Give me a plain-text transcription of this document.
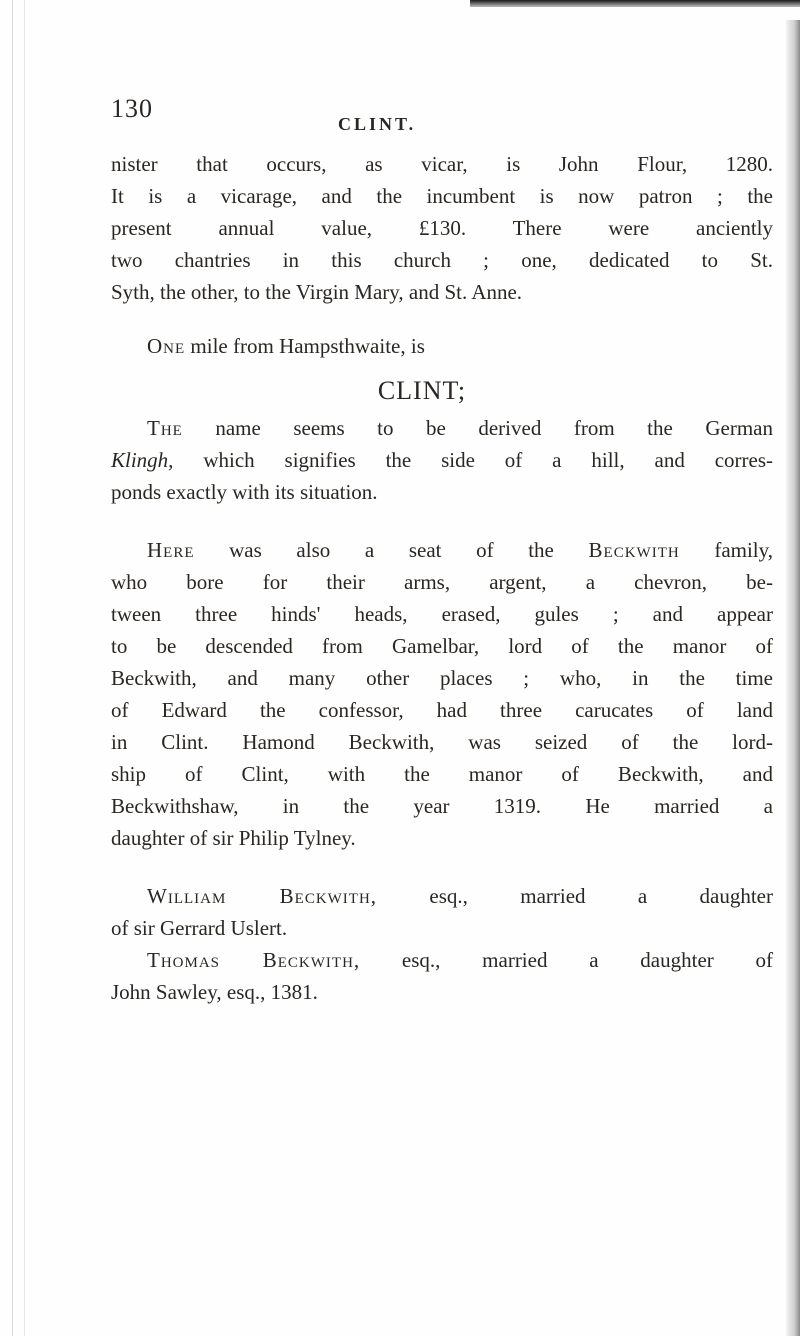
130
CLINT.
nister that occurs, as vicar, is John Flour, 1280.
It is a vicarage, and the incumbent is now patron ; the
present annual value, £130. There were anciently
two chantries in this church ; one, dedicated to St.
Syth, the other, to the Virgin Mary, and St. Anne.
One mile from Hampsthwaite, is
CLINT;
The name seems to be derived from the German
Klingh, which signifies the side of a hill, and corres-
ponds exactly with its situation.
Here was also a seat of the Beckwith family,
who bore for their arms, argent, a chevron, be-
tween three hinds' heads, erased, gules ; and appear
to be descended from Gamelbar, lord of the manor of
Beckwith, and many other places ; who, in the time
of Edward the confessor, had three carucates of land
in Clint. Hamond Beckwith, was seized of the lord-
ship of Clint, with the manor of Beckwith, and
Beckwithshaw, in the year 1319. He married a
daughter of sir Philip Tylney.
William Beckwith, esq., married a daughter
of sir Gerrard Uslert.
Thomas Beckwith, esq., married a daughter of
John Sawley, esq., 1381.
